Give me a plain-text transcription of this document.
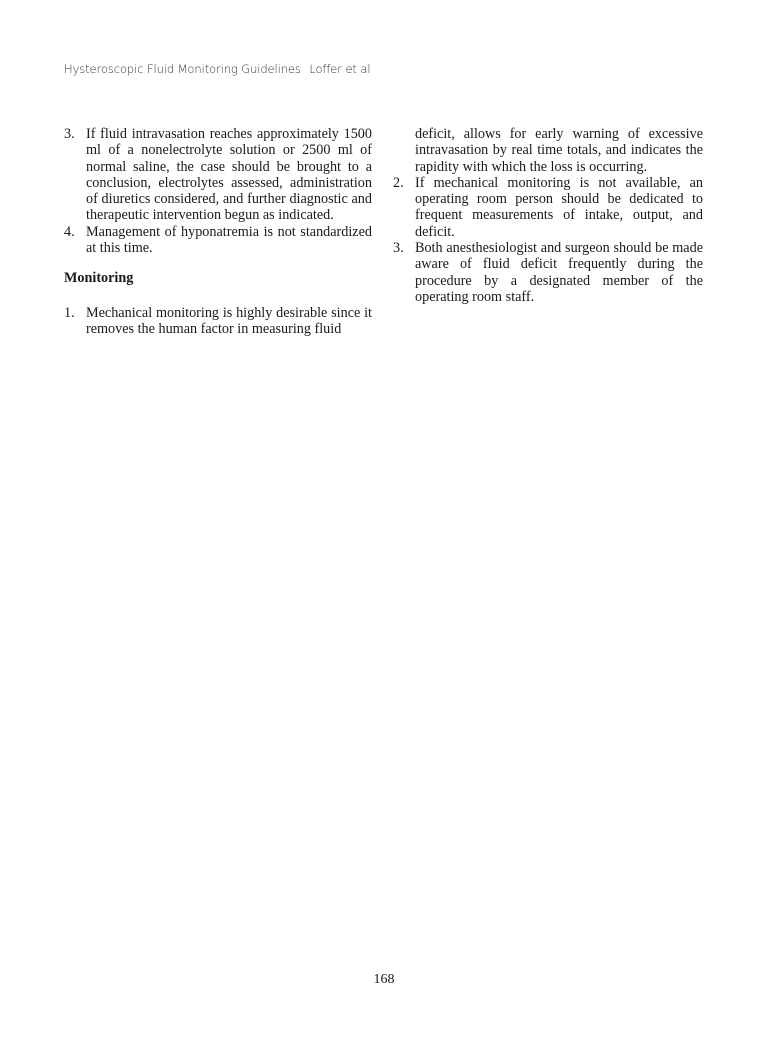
Hysteroscopic Fluid Monitoring Guidelines Loffer et al
3. If fluid intravasation reaches approximately 1500 ml of a nonelectrolyte solution or 2500 ml of normal saline, the case should be brought to a conclusion, electrolytes assessed, administration of diuretics considered, and further diagnostic and therapeutic intervention begun as indicated.
4. Management of hyponatremia is not standardized at this time.
Monitoring
1. Mechanical monitoring is highly desirable since it removes the human factor in measuring fluid
deficit, allows for early warning of excessive intravasation by real time totals, and indicates the rapidity with which the loss is occurring.
2. If mechanical monitoring is not available, an operating room person should be dedicated to frequent measurements of intake, output, and deficit.
3. Both anesthesiologist and surgeon should be made aware of fluid deficit frequently during the procedure by a designated member of the operating room staff.
168
